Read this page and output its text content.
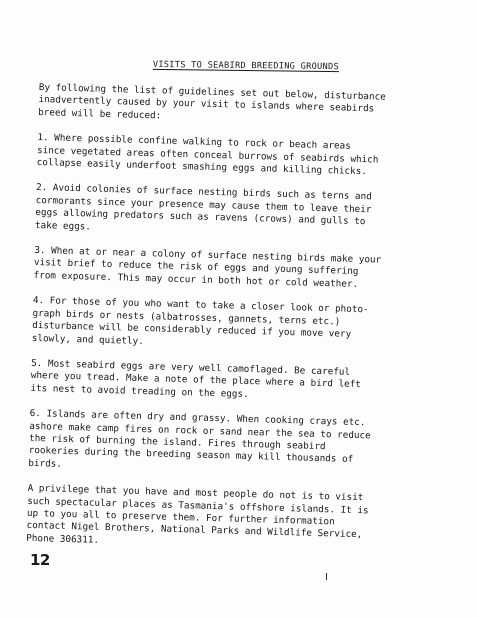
VISITS TO SEABIRD BREEDING GROUNDS

By following the list of guidelines set out below, disturbance
inadvertently caused by your visit to islands where seabirds
breed will be reduced:

1. Where possible confine walking to rock or beach areas
since vegetated areas often conceal burrows of seabirds which
collapse easily underfoot smashing eggs and killing chicks.

2. Avoid colonies of surface nesting birds such as terns and
cormorants since your presence may cause them to leave their
eggs allowing predators such as ravens (crows) and gulls to
take eggs.

3. When at or near a colony of surface nesting birds make your
visit brief to reduce the risk of eggs and young suffering
from exposure. This may occur in both hot or cold weather.

4. For those of you who want to take a closer look or photo-
graph birds or nests (albatrosses, gannets, terns etc.)
disturbance will be considerably reduced if you move very
slowly, and quietly.

5. Most seabird eggs are very well camoflaged. Be careful
where you tread. Make a note of the place where a bird left
its nest to avoid treading on the eggs.

6. Islands are often dry and grassy. When cooking crays etc.
ashore make camp fires on rock or sand near the sea to reduce
the risk of burning the island. Fires through seabird
rookeries during the breeding season may kill thousands of
birds.

A privilege that you have and most people do not is to visit
such spectacular places as Tasmania's offshore islands. It is
up to you all to preserve them. For further information
contact Nigel Brothers, National Parks and Wildlife Service,
Phone 306311.

12
